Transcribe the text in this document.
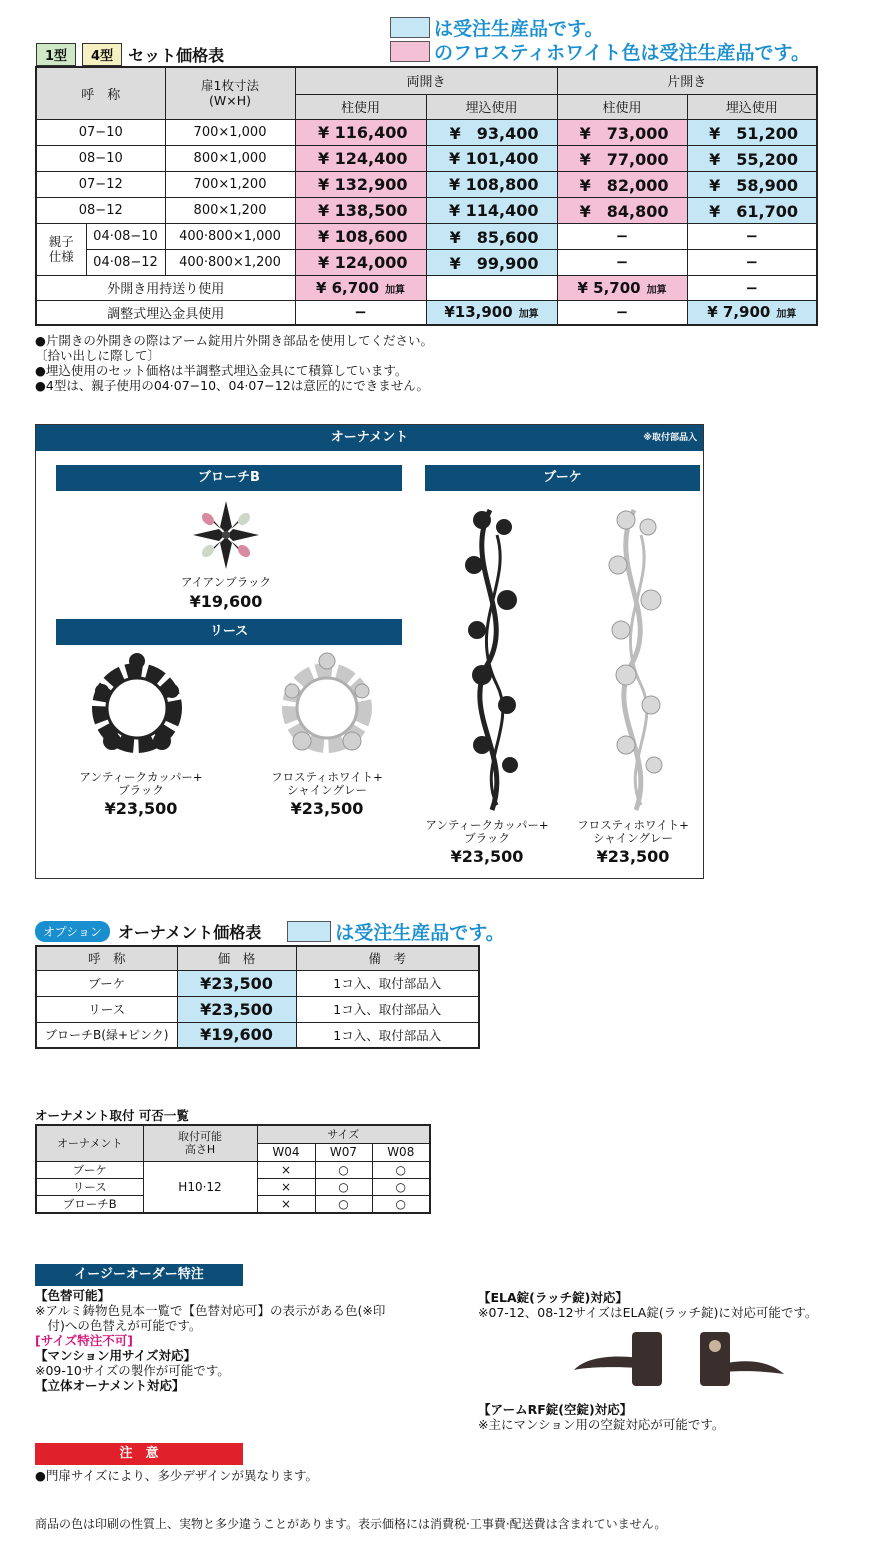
は受注生産品です。
のフロスティホワイト色は受注生産品です。
1型	4型 セット価格表
呼　称		扉1枚寸法
(W×H)	両開き		片開き	
			柱使用	埋込使用	柱使用	埋込使用
07−10		700×1,000	¥ 116,400	¥　93,400	¥　73,000	¥　51,200
08−10		800×1,000	¥ 124,400	¥ 101,400	¥　77,000	¥　55,200
07−12		700×1,200	¥ 132,900	¥ 108,800	¥　82,000	¥　58,900
08−12		800×1,200	¥ 138,500	¥ 114,400	¥　84,800	¥　61,700
親子
仕様	04·08−10	400·800×1,000	¥ 108,600	¥　85,600	−	−
	04·08−12	400·800×1,200	¥ 124,000	¥　99,900	−	−
外開き用持送り使用			¥ 6,700 加算		¥ 5,700 加算	−
調整式埋込金具使用			−	¥13,900 加算	−	¥ 7,900 加算
●片開きの外開きの際はアーム錠用片外開き部品を使用してください。
〔拾い出しに際して〕
●埋込使用のセット価格は半調整式埋込金具にて積算しています。
●4型は、親子使用の04·07−10、04·07−12は意匠的にできません。
オーナメント	※取付部品入
ブローチB	ブーケ
リース
アイアンブラック
¥19,600
アンティークカッパー+
ブラック
¥23,500
フロスティホワイト+
シャイングレー
¥23,500
アンティークカッパー+
ブラック
¥23,500
フロスティホワイト+
シャイングレー
¥23,500
オプション	オーナメント価格表	は受注生産品です。
呼　称	価　格	備　考
ブーケ	¥23,500	1コ入、取付部品入
リース	¥23,500	1コ入、取付部品入
ブローチB(緑+ピンク)	¥19,600	1コ入、取付部品入
オーナメント取付 可否一覧
オーナメント	取付可能
高さH	サイズ		
		W04	W07	W08
ブーケ	H10·12	×	○	○
リース		×	○	○
ブローチB		×	○	○
イージーオーダー特注
【色替可能】
※アルミ鋳物色見本一覧で【色替対応可】の表示がある色(※印
　付)への色替えが可能です。
[サイズ特注不可]
【マンション用サイズ対応】
※09-10サイズの製作が可能です。
【立体オーナメント対応】
【ELA錠(ラッチ錠)対応】
※07-12、08-12サイズはELA錠(ラッチ錠)に対応可能です。
【アームRF錠(空錠)対応】
※主にマンション用の空錠対応が可能です。
注　意
●門扉サイズにより、多少デザインが異なります。
商品の色は印刷の性質上、実物と多少違うことがあります。表示価格には消費税·工事費·配送費は含まれていません。
